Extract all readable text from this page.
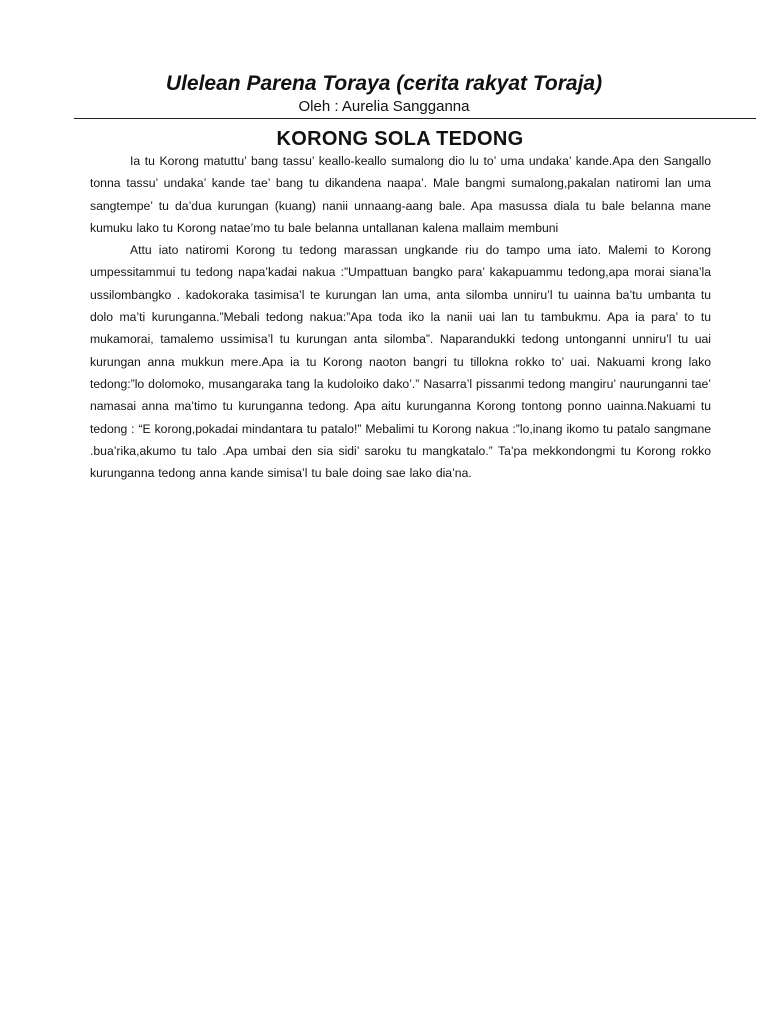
Ulelean Parena Toraya (cerita rakyat Toraja)

Oleh : Aurelia Sangganna

KORONG SOLA TEDONG

Ia tu Korong matuttu’ bang tassu’ keallo-keallo sumalong dio lu to’ uma undaka’ kande.Apa den Sangallo tonna tassu’ undaka’ kande tae’ bang tu dikandena naapa’. Male bangmi sumalong,pakalan natiromi lan uma sangtempe’ tu da’dua kurungan (kuang) nanii unnaang-aang bale. Apa masussa diala tu bale belanna mane kumuku lako tu Korong natae’mo tu bale belanna untallanan kalena mallaim membuni

Attu iato natiromi Korong tu tedong marassan ungkande riu do tampo uma iato. Malemi to Korong umpessitammui tu tedong napa’kadai nakua :”Umpattuan bangko para’ kakapuammu tedong,apa morai siana’la ussilombangko . kadokoraka tasimisa’l te kurungan lan uma, anta silomba unniru’l tu uainna ba’tu umbanta tu dolo ma’ti kurunganna.”Mebali tedong nakua:”Apa toda iko la nanii uai lan tu tambukmu. Apa ia para’ to tu mukamorai, tamalemo ussimisa’l tu kurungan anta silomba”. Naparandukki tedong untonganni unniru’l tu uai kurungan anna mukkun mere.Apa ia tu Korong naoton bangri tu tillokna rokko to’ uai. Nakuami krong lako tedong:”lo dolomoko, musangaraka tang la kudoloiko dako’.” Nasarra’l pissanmi tedong mangiru’ naurunganni tae’ namasai anna ma’timo tu kurunganna tedong. Apa aitu kurunganna Korong tontong ponno uainna.Nakuami tu tedong : “E korong,pokadai mindantara tu patalo!” Mebalimi tu Korong nakua :”lo,inang ikomo tu patalo sangmane .bua’rika,akumo tu talo .Apa umbai den sia sidi’ saroku tu mangkatalo.” Ta’pa mekkondongmi tu Korong rokko kurunganna tedong anna kande simisa’l tu bale doing sae lako dia’na.
